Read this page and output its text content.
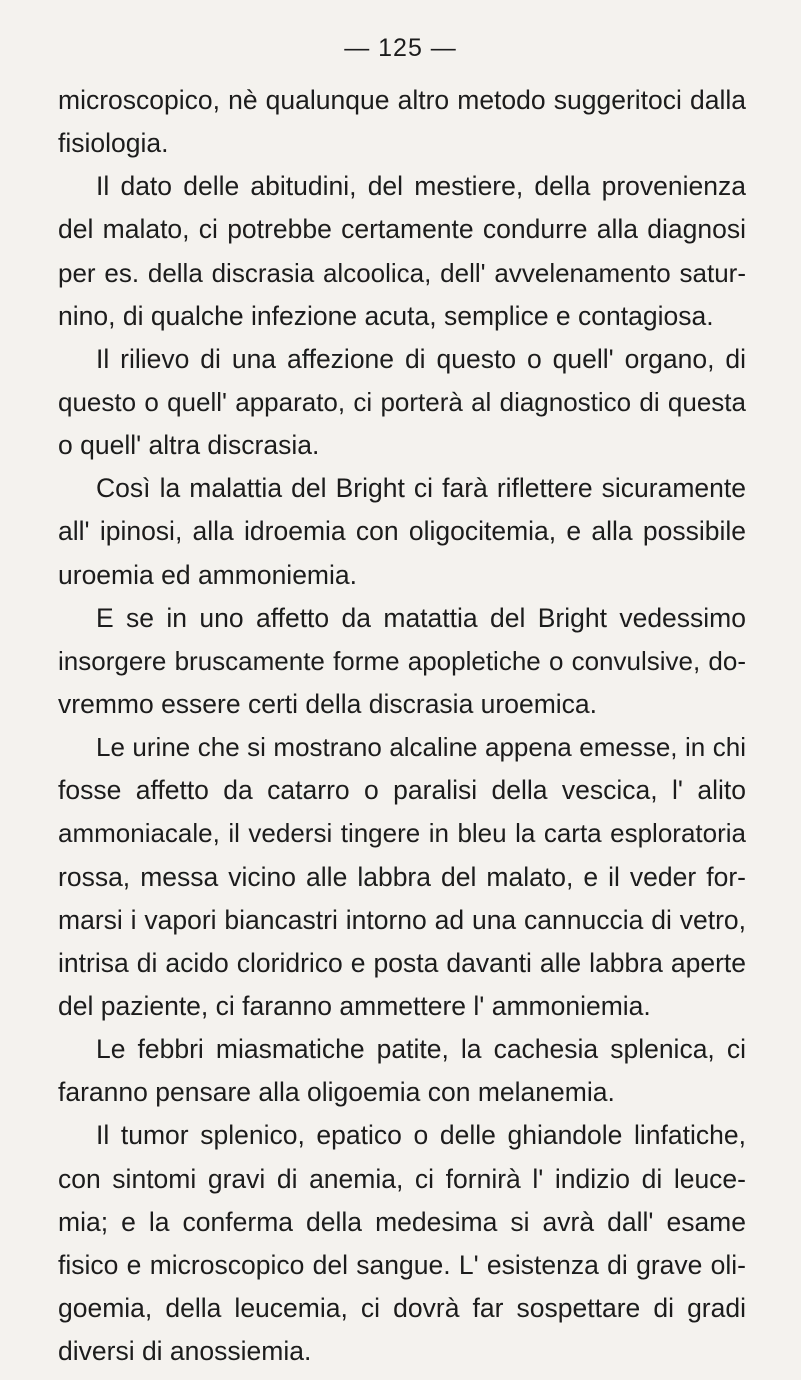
— 125 —
microscopico, nè qualunque altro metodo suggeritoci dalla
fisiologia.
Il dato delle abitudini, del mestiere, della provenienza
del malato, ci potrebbe certamente condurre alla diagnosi
per es. della discrasia alcoolica, dell' avvelenamento satur-
nino, di qualche infezione acuta, semplice e contagiosa.
Il rilievo di una affezione di questo o quell' organo, di
questo o quell' apparato, ci porterà al diagnostico di questa
o quell' altra discrasia.
Così la malattia del Bright ci farà riflettere sicuramente
all' ipinosi, alla idroemia con oligocitemia, e alla possibile
uroemia ed ammoniemia.
E se in uno affetto da matattia del Bright vedessimo
insorgere bruscamente forme apopletiche o convulsive, do-
vremmo essere certi della discrasia uroemica.
Le urine che si mostrano alcaline appena emesse, in chi
fosse affetto da catarro o paralisi della vescica, l' alito
ammoniacale, il vedersi tingere in bleu la carta esploratoria
rossa, messa vicino alle labbra del malato, e il veder for-
marsi i vapori biancastri intorno ad una cannuccia di vetro,
intrisa di acido cloridrico e posta davanti alle labbra aperte
del paziente, ci faranno ammettere l' ammoniemia.
Le febbri miasmatiche patite, la cachesia splenica, ci
faranno pensare alla oligoemia con melanemia.
Il tumor splenico, epatico o delle ghiandole linfatiche,
con sintomi gravi di anemia, ci fornirà l' indizio di leuce-
mia; e la conferma della medesima si avrà dall' esame
fisico e microscopico del sangue. L' esistenza di grave oli-
goemia, della leucemia, ci dovrà far sospettare di gradi
diversi di anossiemia.
